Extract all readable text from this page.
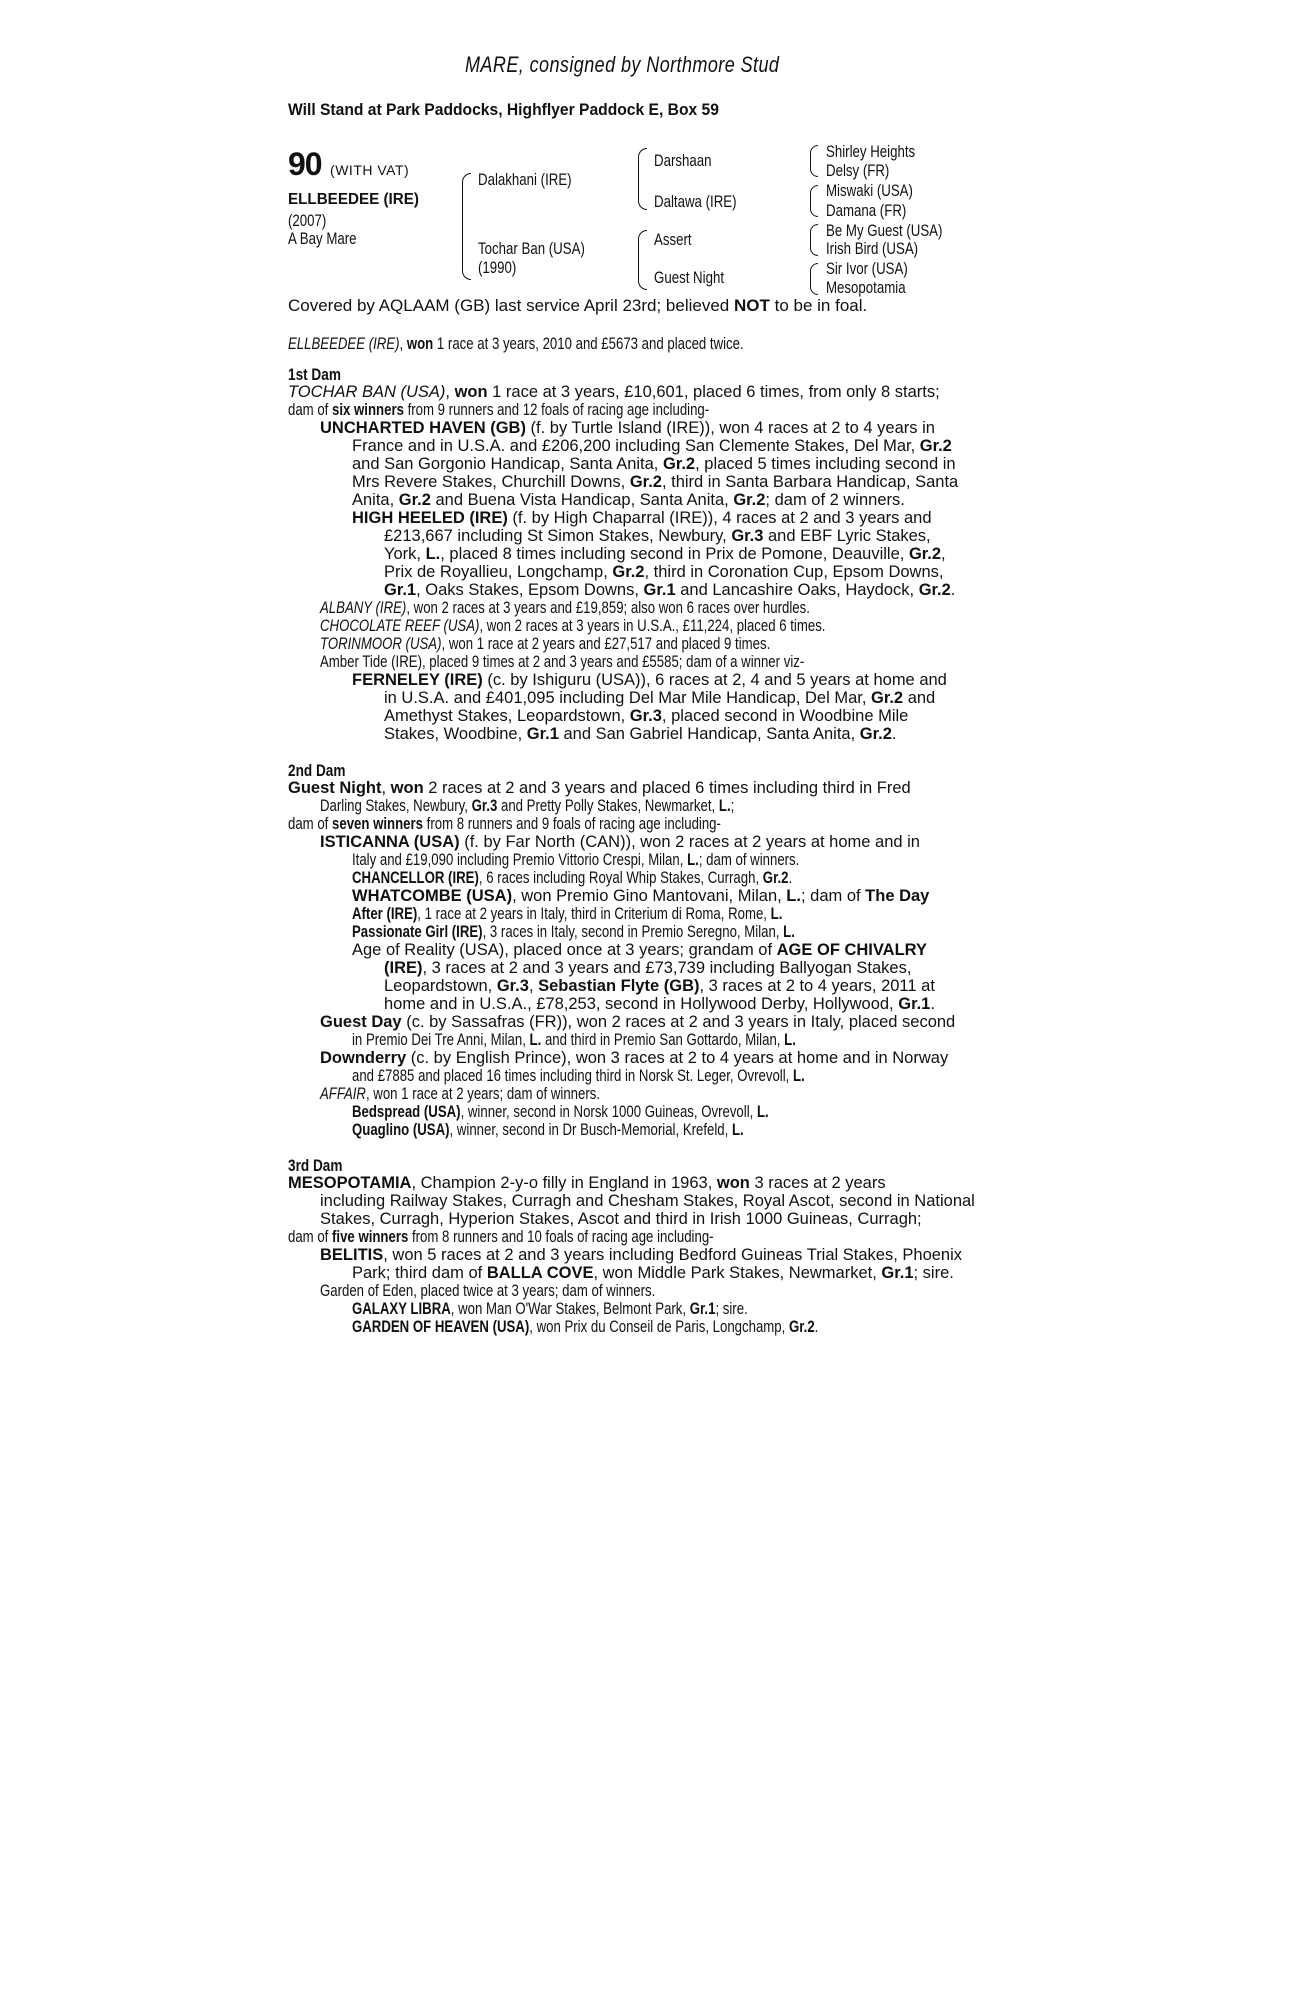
MARE, consigned by Northmore Stud
Will Stand at Park Paddocks, Highflyer Paddock E, Box 59
90 (WITH VAT)
ELLBEEDEE (IRE)
(2007)
A Bay Mare
Dalakhani (IRE)
Tochar Ban (USA)
(1990)
Darshaan
Daltawa (IRE)
Assert
Guest Night
Shirley Heights
Delsy (FR)
Miswaki (USA)
Damana (FR)
Be My Guest (USA)
Irish Bird (USA)
Sir Ivor (USA)
Mesopotamia
Covered by AQLAAM (GB) last service April 23rd; believed NOT to be in foal.
ELLBEEDEE (IRE), won 1 race at 3 years, 2010 and £5673 and placed twice.
1st Dam
TOCHAR BAN (USA), won 1 race at 3 years, £10,601, placed 6 times, from only 8 starts;
dam of six winners from 9 runners and 12 foals of racing age including-
UNCHARTED HAVEN (GB) (f. by Turtle Island (IRE)), won 4 races at 2 to 4 years in
France and in U.S.A. and £206,200 including San Clemente Stakes, Del Mar, Gr.2
and San Gorgonio Handicap, Santa Anita, Gr.2, placed 5 times including second in
Mrs Revere Stakes, Churchill Downs, Gr.2, third in Santa Barbara Handicap, Santa
Anita, Gr.2 and Buena Vista Handicap, Santa Anita, Gr.2; dam of 2 winners.
HIGH HEELED (IRE) (f. by High Chaparral (IRE)), 4 races at 2 and 3 years and
£213,667 including St Simon Stakes, Newbury, Gr.3 and EBF Lyric Stakes,
York, L., placed 8 times including second in Prix de Pomone, Deauville, Gr.2,
Prix de Royallieu, Longchamp, Gr.2, third in Coronation Cup, Epsom Downs,
Gr.1, Oaks Stakes, Epsom Downs, Gr.1 and Lancashire Oaks, Haydock, Gr.2.
ALBANY (IRE), won 2 races at 3 years and £19,859; also won 6 races over hurdles.
CHOCOLATE REEF (USA), won 2 races at 3 years in U.S.A., £11,224, placed 6 times.
TORINMOOR (USA), won 1 race at 2 years and £27,517 and placed 9 times.
Amber Tide (IRE), placed 9 times at 2 and 3 years and £5585; dam of a winner viz-
FERNELEY (IRE) (c. by Ishiguru (USA)), 6 races at 2, 4 and 5 years at home and
in U.S.A. and £401,095 including Del Mar Mile Handicap, Del Mar, Gr.2 and
Amethyst Stakes, Leopardstown, Gr.3, placed second in Woodbine Mile
Stakes, Woodbine, Gr.1 and San Gabriel Handicap, Santa Anita, Gr.2.
2nd Dam
Guest Night, won 2 races at 2 and 3 years and placed 6 times including third in Fred
Darling Stakes, Newbury, Gr.3 and Pretty Polly Stakes, Newmarket, L.;
dam of seven winners from 8 runners and 9 foals of racing age including-
ISTICANNA (USA) (f. by Far North (CAN)), won 2 races at 2 years at home and in
Italy and £19,090 including Premio Vittorio Crespi, Milan, L.; dam of winners.
CHANCELLOR (IRE), 6 races including Royal Whip Stakes, Curragh, Gr.2.
WHATCOMBE (USA), won Premio Gino Mantovani, Milan, L.; dam of The Day
After (IRE), 1 race at 2 years in Italy, third in Criterium di Roma, Rome, L.
Passionate Girl (IRE), 3 races in Italy, second in Premio Seregno, Milan, L.
Age of Reality (USA), placed once at 3 years; grandam of AGE OF CHIVALRY
(IRE), 3 races at 2 and 3 years and £73,739 including Ballyogan Stakes,
Leopardstown, Gr.3, Sebastian Flyte (GB), 3 races at 2 to 4 years, 2011 at
home and in U.S.A., £78,253, second in Hollywood Derby, Hollywood, Gr.1.
Guest Day (c. by Sassafras (FR)), won 2 races at 2 and 3 years in Italy, placed second
in Premio Dei Tre Anni, Milan, L. and third in Premio San Gottardo, Milan, L.
Downderry (c. by English Prince), won 3 races at 2 to 4 years at home and in Norway
and £7885 and placed 16 times including third in Norsk St. Leger, Ovrevoll, L.
AFFAIR, won 1 race at 2 years; dam of winners.
Bedspread (USA), winner, second in Norsk 1000 Guineas, Ovrevoll, L.
Quaglino (USA), winner, second in Dr Busch-Memorial, Krefeld, L.
3rd Dam
MESOPOTAMIA, Champion 2-y-o filly in England in 1963, won 3 races at 2 years
including Railway Stakes, Curragh and Chesham Stakes, Royal Ascot, second in National
Stakes, Curragh, Hyperion Stakes, Ascot and third in Irish 1000 Guineas, Curragh;
dam of five winners from 8 runners and 10 foals of racing age including-
BELITIS, won 5 races at 2 and 3 years including Bedford Guineas Trial Stakes, Phoenix
Park; third dam of BALLA COVE, won Middle Park Stakes, Newmarket, Gr.1; sire.
Garden of Eden, placed twice at 3 years; dam of winners.
GALAXY LIBRA, won Man O'War Stakes, Belmont Park, Gr.1; sire.
GARDEN OF HEAVEN (USA), won Prix du Conseil de Paris, Longchamp, Gr.2.
